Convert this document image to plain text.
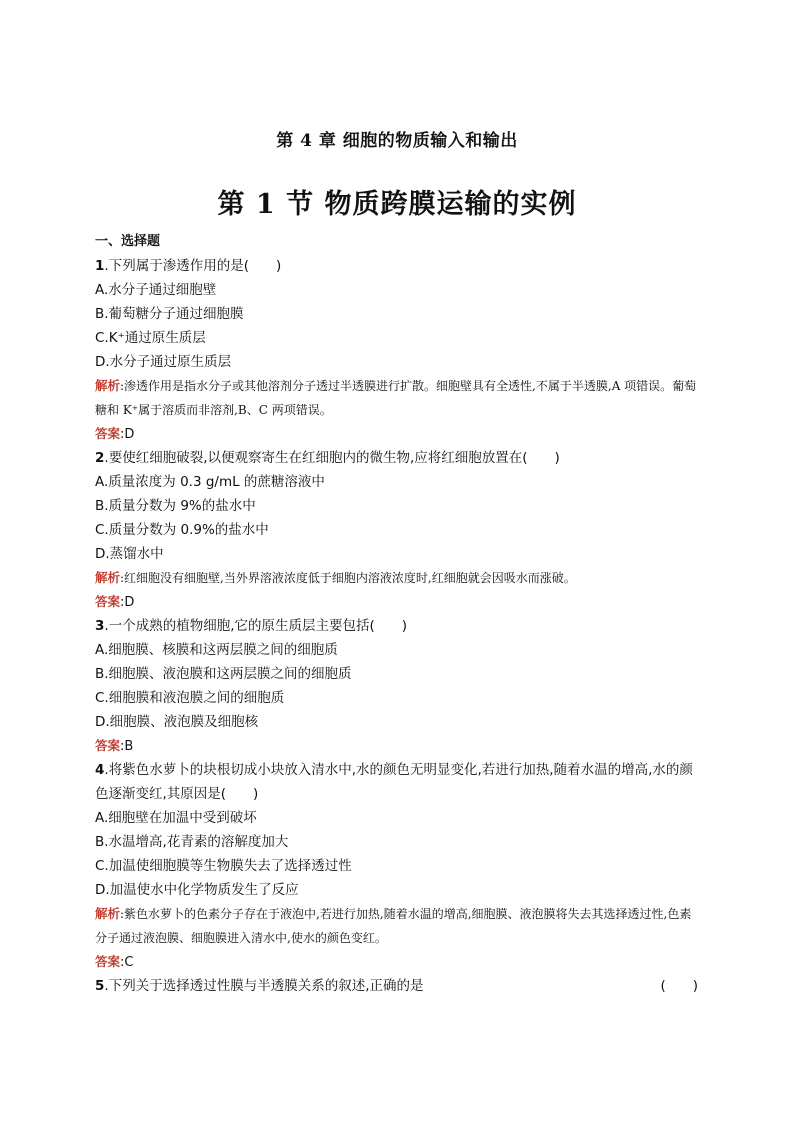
第 4 章 细胞的物质输入和输出
第 1 节 物质跨膜运输的实例
一、选择题
1.下列属于渗透作用的是(　　)
A.水分子通过细胞壁
B.葡萄糖分子通过细胞膜
C.K⁺通过原生质层
D.水分子通过原生质层
解析:渗透作用是指水分子或其他溶剂分子透过半透膜进行扩散。细胞壁具有全透性,不属于半透膜,A 项错误。葡萄糖和 K⁺属于溶质而非溶剂,B、C 两项错误。
答案:D
2.要使红细胞破裂,以便观察寄生在红细胞内的微生物,应将红细胞放置在(　　)
A.质量浓度为 0.3 g/mL 的蔗糖溶液中
B.质量分数为 9%的盐水中
C.质量分数为 0.9%的盐水中
D.蒸馏水中
解析:红细胞没有细胞壁,当外界溶液浓度低于细胞内溶液浓度时,红细胞就会因吸水而涨破。
答案:D
3.一个成熟的植物细胞,它的原生质层主要包括(　　)
A.细胞膜、核膜和这两层膜之间的细胞质
B.细胞膜、液泡膜和这两层膜之间的细胞质
C.细胞膜和液泡膜之间的细胞质
D.细胞膜、液泡膜及细胞核
答案:B
4.将紫色水萝卜的块根切成小块放入清水中,水的颜色无明显变化,若进行加热,随着水温的增高,水的颜色逐渐变红,其原因是(　　)
A.细胞壁在加温中受到破坏
B.水温增高,花青素的溶解度加大
C.加温使细胞膜等生物膜失去了选择透过性
D.加温使水中化学物质发生了反应
解析:紫色水萝卜的色素分子存在于液泡中,若进行加热,随着水温的增高,细胞膜、液泡膜将失去其选择透过性,色素分子通过液泡膜、细胞膜进入清水中,使水的颜色变红。
答案:C
5.下列关于选择透过性膜与半透膜关系的叙述,正确的是	(　　)
